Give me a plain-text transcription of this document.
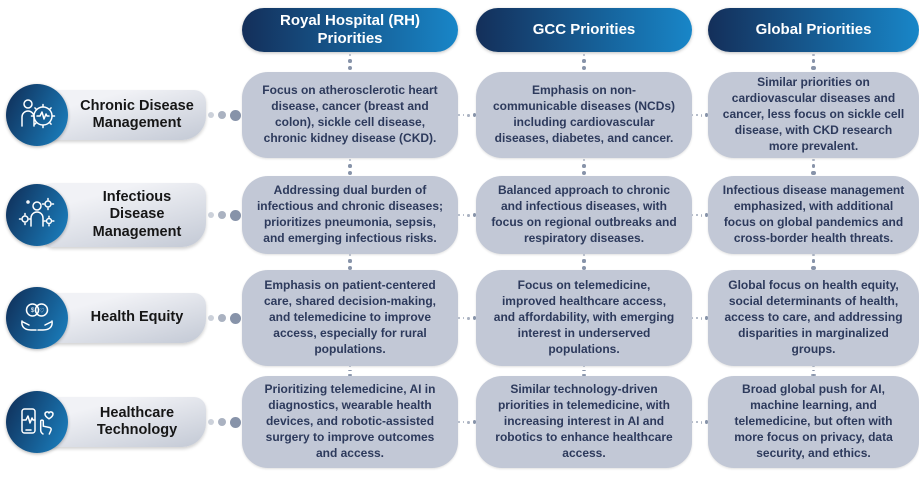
Royal Hospital (RH) Priorities
GCC Priorities	Global Priorities
Chronic Disease Management
Infectious Disease Management
$ ♡	Health Equity
Healthcare Technology
Focus on atherosclerotic heart disease, cancer (breast and colon), sickle cell disease, chronic kidney disease (CKD).
Emphasis on non-communicable diseases (NCDs) including cardiovascular diseases, diabetes, and cancer.
Similar priorities on cardiovascular diseases and cancer, less focus on sickle cell disease, with CKD research more prevalent.
Addressing dual burden of infectious and chronic diseases; prioritizes pneumonia, sepsis, and emerging infectious risks.
Balanced approach to chronic and infectious diseases, with focus on regional outbreaks and respiratory diseases.
Infectious disease management emphasized, with additional focus on global pandemics and cross-border health threats.
Emphasis on patient-centered care, shared decision-making, and telemedicine to improve access, especially for rural populations.
Focus on telemedicine, improved healthcare access, and affordability, with emerging interest in underserved populations.
Global focus on health equity, social determinants of health, access to care, and addressing disparities in marginalized groups.
Prioritizing telemedicine, AI in diagnostics, wearable health devices, and robotic-assisted surgery to improve outcomes and access.
Similar technology-driven priorities in telemedicine, with increasing interest in AI and robotics to enhance healthcare access.
Broad global push for AI, machine learning, and telemedicine, but often with more focus on privacy, data security, and ethics.
